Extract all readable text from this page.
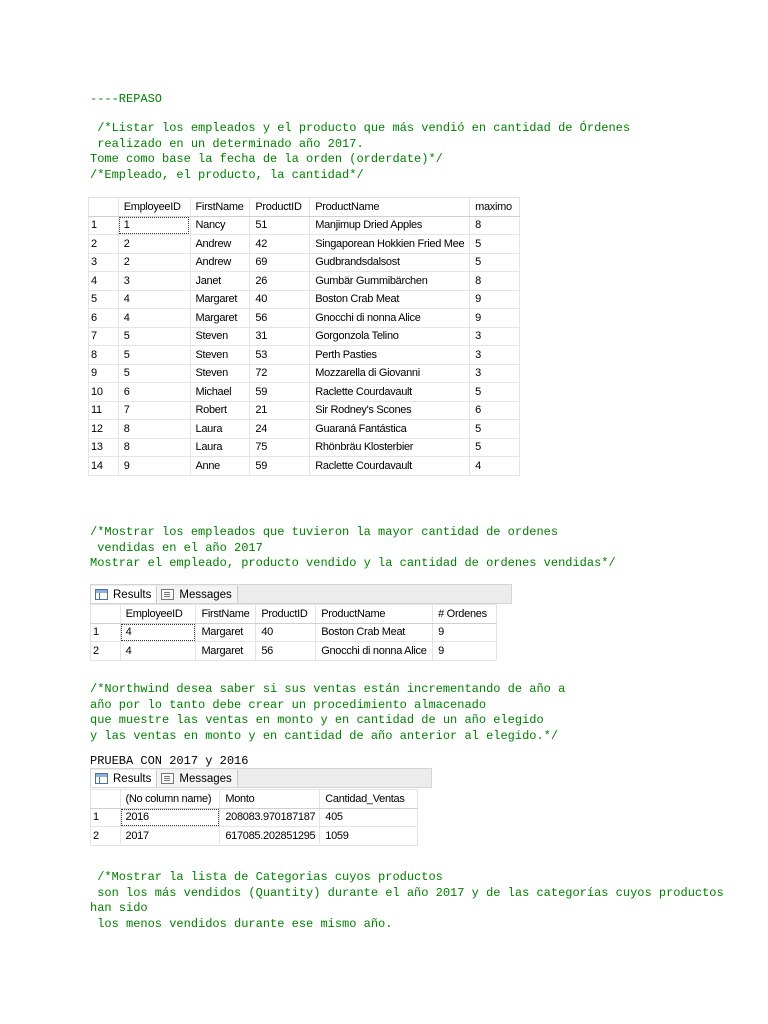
----REPASO
/*Listar los empleados y el producto que más vendió en cantidad de Órdenes
realizado en un determinado año 2017.
Tome como base la fecha de la orden (orderdate)*/
/*Empleado, el producto, la cantidad*/
	EmployeeID	FirstName	ProductID	ProductName	maximo
1	1	Nancy	51	Manjimup Dried Apples	8
2	2	Andrew	42	Singaporean Hokkien Fried Mee	5
3	2	Andrew	69	Gudbrandsdalsost	5
4	3	Janet	26	Gumbär Gummibärchen	8
5	4	Margaret	40	Boston Crab Meat	9
6	4	Margaret	56	Gnocchi di nonna Alice	9
7	5	Steven	31	Gorgonzola Telino	3
8	5	Steven	53	Perth Pasties	3
9	5	Steven	72	Mozzarella di Giovanni	3
10	6	Michael	59	Raclette Courdavault	5
11	7	Robert	21	Sir Rodney's Scones	6
12	8	Laura	24	Guaraná Fantástica	5
13	8	Laura	75	Rhönbräu Klosterbier	5
14	9	Anne	59	Raclette Courdavault	4
/*Mostrar los empleados que tuvieron la mayor cantidad de ordenes
vendidas en el año 2017
Mostrar el empleado, producto vendido y la cantidad de ordenes vendidas*/
Results Messages
	EmployeeID	FirstName	ProductID	ProductName	# Ordenes
1	4	Margaret	40	Boston Crab Meat	9
2	4	Margaret	56	Gnocchi di nonna Alice	9
/*Northwind desea saber si sus ventas están incrementando de año a
año por lo tanto debe crear un procedimiento almacenado
que muestre las ventas en monto y en cantidad de un año elegido
y las ventas en monto y en cantidad de año anterior al elegido.*/
PRUEBA CON 2017 y 2016
Results Messages
	(No column name)	Monto	Cantidad_Ventas
1	2016	208083.970187187	405
2	2017	617085.202851295	1059
/*Mostrar la lista de Categorias cuyos productos
son los más vendidos (Quantity) durante el año 2017 y de las categorías cuyos productos
han sido
los menos vendidos durante ese mismo año.
